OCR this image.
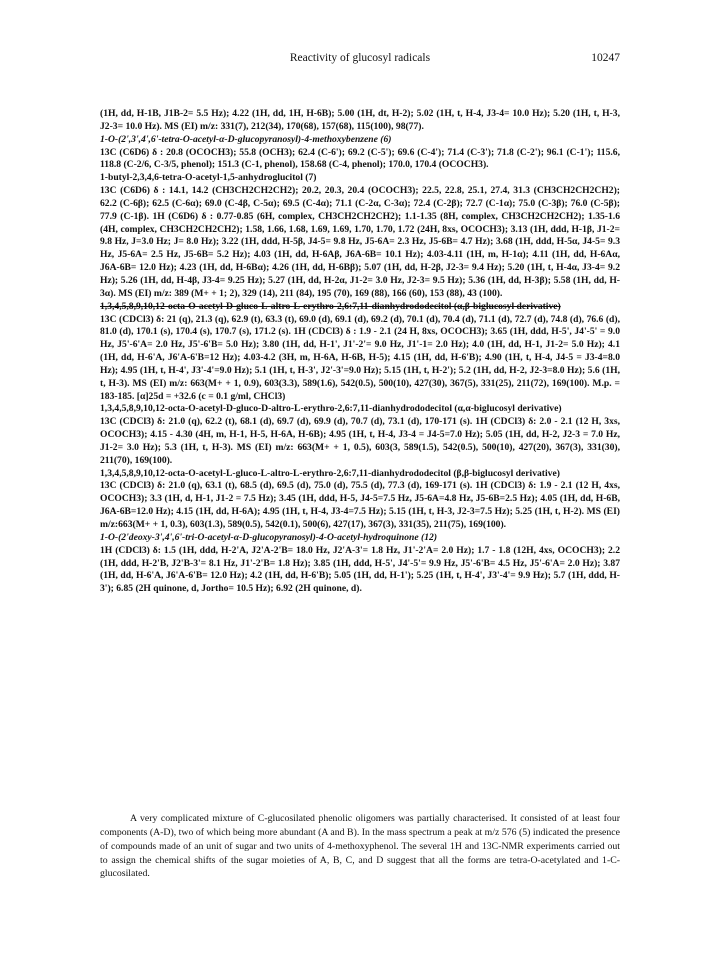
Reactivity of glucosyl radicals	10247

(1H, dd, H-1B, J1B-2= 5.5 Hz); 4.22 (1H, dd, 1H, H-6B); 5.00 (1H, dt, H-2); 5.02 (1H, t, H-4, J3-4= 10.0 Hz); 5.20 (1H, t, H-3, J2-3= 10.0 Hz). MS (EI) m/z: 331(7), 212(34), 170(68), 157(68), 115(100), 98(77).

1-O-(2',3',4',6'-tetra-O-acetyl-α-D-glucopyranosyl)-4-methoxybenzene (6)

13C (C6D6) δ : 20.8 (OCOCH3); 55.8 (OCH3); 62.4 (C-6'); 69.2 (C-5'); 69.6 (C-4'); 71.4 (C-3'); 71.8 (C-2'); 96.1 (C-1'); 115.6, 118.8 (C-2/6, C-3/5, phenol); 151.3 (C-1, phenol), 158.68 (C-4, phenol); 170.0, 170.4 (OCOCH3).

1-butyl-2,3,4,6-tetra-O-acetyl-1,5-anhydroglucitol (7)

13C (C6D6) δ : 14.1, 14.2 (CH3CH2CH2CH2); 20.2, 20.3, 20.4 (OCOCH3); 22.5, 22.8, 25.1, 27.4, 31.3 (CH3CH2CH2CH2); 62.2 (C-6β); 62.5 (C-6α); 69.0 (C-4β, C-5α); 69.5 (C-4α); 71.1 (C-2α, C-3α); 72.4 (C-2β); 72.7 (C-1α); 75.0 (C-3β); 76.0 (C-5β); 77.9 (C-1β). 1H (C6D6) δ : 0.77-0.85 (6H, complex, CH3CH2CH2CH2); 1.1-1.35 (8H, complex, CH3CH2CH2CH2); 1.35-1.6 (4H, complex, CH3CH2CH2CH2); 1.58, 1.66, 1.68, 1.69, 1.69, 1.70, 1.70, 1.72 (24H, 8xs, OCOCH3); 3.13 (1H, ddd, H-1β, J1-2= 9.8 Hz, J=3.0 Hz; J= 8.0 Hz); 3.22 (1H, ddd, H-5β, J4-5= 9.8 Hz, J5-6A= 2.3 Hz, J5-6B= 4.7 Hz); 3.68 (1H, ddd, H-5α, J4-5= 9.3 Hz, J5-6A= 2.5 Hz, J5-6B= 5.2 Hz); 4.03 (1H, dd, H-6Aβ, J6A-6B= 10.1 Hz); 4.03-4.11 (1H, m, H-1α); 4.11 (1H, dd, H-6Aα, J6A-6B= 12.0 Hz); 4.23 (1H, dd, H-6Bα); 4.26 (1H, dd, H-6Bβ); 5.07 (1H, dd, H-2β, J2-3= 9.4 Hz); 5.20 (1H, t, H-4α, J3-4= 9.2 Hz); 5.26 (1H, dd, H-4β, J3-4= 9.25 Hz); 5.27 (1H, dd, H-2α, J1-2= 3.0 Hz, J2-3= 9.5 Hz); 5.36 (1H, dd, H-3β); 5.58 (1H, dd, H-3α). MS (EI) m/z: 389 (M+ + 1; 2), 329 (14), 211 (84), 195 (70), 169 (88), 166 (60), 153 (88), 43 (100).

1,3,4,5,8,9,10,12-octa-O-acetyl-D-gluco-L-altro-L-erythro-2,6:7,11-dianhydrododecitol (α,β-biglucosyl derivative)

13C (CDCl3) δ: 21 (q), 21.3 (q), 62.9 (t), 63.3 (t), 69.0 (d), 69.1 (d), 69.2 (d), 70.1 (d), 70.4 (d), 71.1 (d), 72.7 (d), 74.8 (d), 76.6 (d), 81.0 (d), 170.1 (s), 170.4 (s), 170.7 (s), 171.2 (s). 1H (CDCl3) δ : 1.9 - 2.1 (24 H, 8xs, OCOCH3); 3.65 (1H, ddd, H-5', J4'-5' = 9.0 Hz, J5'-6'A= 2.0 Hz, J5'-6'B= 5.0 Hz); 3.80 (1H, dd, H-1', J1'-2'= 9.0 Hz, J1'-1= 2.0 Hz); 4.0 (1H, dd, H-1, J1-2= 5.0 Hz); 4.1 (1H, dd, H-6'A, J6'A-6'B=12 Hz); 4.03-4.2 (3H, m, H-6A, H-6B, H-5); 4.15 (1H, dd, H-6'B); 4.90 (1H, t, H-4, J4-5 = J3-4=8.0 Hz); 4.95 (1H, t, H-4', J3'-4'=9.0 Hz); 5.1 (1H, t, H-3', J2'-3'=9.0 Hz); 5.15 (1H, t, H-2'); 5.2 (1H, dd, H-2, J2-3=8.0 Hz); 5.6 (1H, t, H-3). MS (EI) m/z: 663(M+ + 1, 0.9), 603(3.3), 589(1.6), 542(0.5), 500(10), 427(30), 367(5), 331(25), 211(72), 169(100). M.p. = 183-185. [α]25d = +32.6 (c = 0.1 g/ml, CHCl3)

1,3,4,5,8,9,10,12-octa-O-acetyl-D-gluco-D-altro-L-erythro-2,6:7,11-dianhydrododecitol (α,α-biglucosyl derivative)

13C (CDCl3) δ: 21.0 (q), 62.2 (t), 68.1 (d), 69.7 (d), 69.9 (d), 70.7 (d), 73.1 (d), 170-171 (s). 1H (CDCl3) δ: 2.0 - 2.1 (12 H, 3xs, OCOCH3); 4.15 - 4.30 (4H, m, H-1, H-5, H-6A, H-6B); 4.95 (1H, t, H-4, J3-4 = J4-5=7.0 Hz); 5.05 (1H, dd, H-2, J2-3 = 7.0 Hz, J1-2= 3.0 Hz); 5.3 (1H, t, H-3). MS (EI) m/z: 663(M+ + 1, 0.5), 603(3, 589(1.5), 542(0.5), 500(10), 427(20), 367(3), 331(30), 211(70), 169(100).

1,3,4,5,8,9,10,12-octa-O-acetyl-L-gluco-L-altro-L-erythro-2,6:7,11-dianhydrododecitol (β,β-biglucosyl derivative)

13C (CDCl3) δ: 21.0 (q), 63.1 (t), 68.5 (d), 69.5 (d), 75.0 (d), 75.5 (d), 77.3 (d), 169-171 (s). 1H (CDCl3) δ: 1.9 - 2.1 (12 H, 4xs, OCOCH3); 3.3 (1H, d, H-1, J1-2 = 7.5 Hz); 3.45 (1H, ddd, H-5, J4-5=7.5 Hz, J5-6A=4.8 Hz, J5-6B=2.5 Hz); 4.05 (1H, dd, H-6B, J6A-6B=12.0 Hz); 4.15 (1H, dd, H-6A); 4.95 (1H, t, H-4, J3-4=7.5 Hz); 5.15 (1H, t, H-3, J2-3=7.5 Hz); 5.25 (1H, t, H-2). MS (EI) m/z:663(M+ + 1, 0.3), 603(1.3), 589(0.5), 542(0.1), 500(6), 427(17), 367(3), 331(35), 211(75), 169(100).

1-O-(2'deoxy-3',4',6'-tri-O-acetyl-α-D-glucopyranosyl)-4-O-acetyl-hydroquinone (12)

1H (CDCl3) δ: 1.5 (1H, ddd, H-2'A, J2'A-2'B= 18.0 Hz, J2'A-3'= 1.8 Hz, J1'-2'A= 2.0 Hz); 1.7 - 1.8 (12H, 4xs, OCOCH3); 2.2 (1H, ddd, H-2'B, J2'B-3'= 8.1 Hz, J1'-2'B= 1.8 Hz); 3.85 (1H, ddd, H-5', J4'-5'= 9.9 Hz, J5'-6'B= 4.5 Hz, J5'-6'A= 2.0 Hz); 3.87 (1H, dd, H-6'A, J6'A-6'B= 12.0 Hz); 4.2 (1H, dd, H-6'B); 5.05 (1H, dd, H-1'); 5.25 (1H, t, H-4', J3'-4'= 9.9 Hz); 5.7 (1H, ddd, H-3'); 6.85 (2H quinone, d, Jortho= 10.5 Hz); 6.92 (2H quinone, d).

A very complicated mixture of C-glucosilated phenolic oligomers was partially characterised. It consisted of at least four components (A-D), two of which being more abundant (A and B). In the mass spectrum a peak at m/z 576 (5) indicated the presence of compounds made of an unit of sugar and two units of 4-methoxyphenol. The several 1H and 13C-NMR experiments carried out to assign the chemical shifts of the sugar moieties of A, B, C, and D suggest that all the forms are tetra-O-acetylated and 1-C-glucosilated.
